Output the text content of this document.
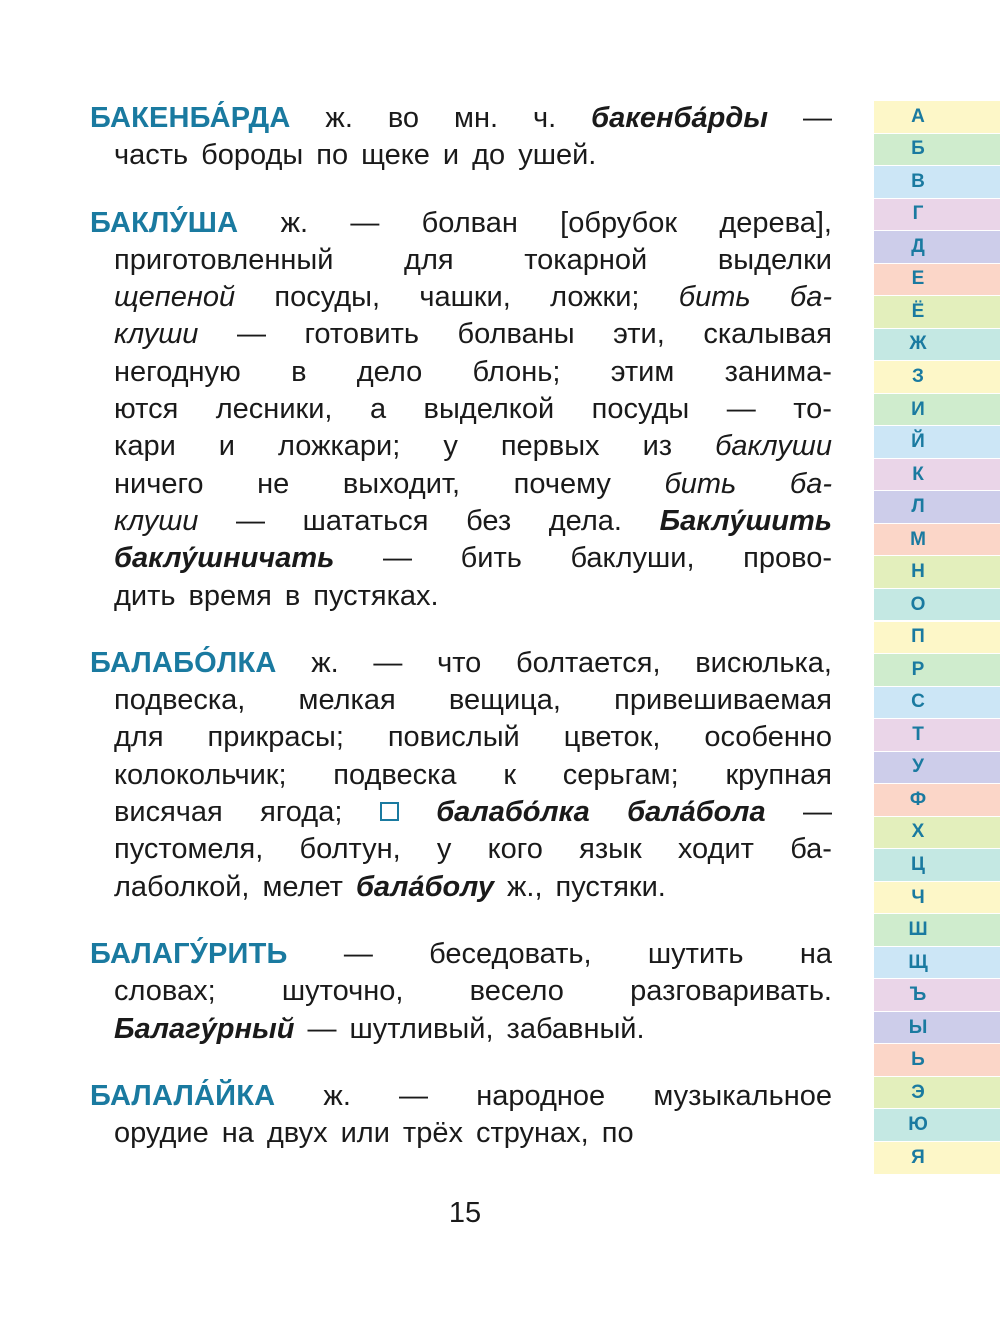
БАКЕНБА́РДА ж. во мн. ч. бакенба́рды —
часть бороды по щеке и до ушей.
БАКЛУ́ША ж. — болван [обрубок дерева],
приготовленный для токарной выделки
щепеной посуды, чашки, ложки; бить ба-
клуши — готовить болваны эти, скалывая
негодную в дело блонь; этим занима-
ются лесники, а выделкой посуды — то-
кари и ложкари; у первых из баклуши
ничего не выходит, почему бить ба-
клуши — шататься без дела. Баклу́шить
баклу́шничать — бить баклуши, прово-
дить время в пустяках.
БАЛАБО́ЛКА ж. — что болтается, висюлька,
подвеска, мелкая вещица, привешиваемая
для прикрасы; повислый цветок, особенно
колокольчик; подвеска к серьгам; крупная
висячая ягода;	балабо́лка бала́бола —
пустомеля, болтун, у кого язык ходит ба-
лаболкой, мелет бала́болу ж., пустяки.
БАЛАГУ́РИТЬ — беседовать, шутить на
словах; шуточно, весело разговаривать.
Балагу́рный — шутливый, забавный.
БАЛАЛА́ЙКА ж. — народное музыкальное
орудие на двух или трёх струнах, по
15
А
Б
В
Г
Д
Е
Ё
Ж
З
И
Й
К
Л
М
Н
О
П
Р
С
Т
У
Ф
Х
Ц
Ч
Ш
Щ
Ъ
Ы
Ь
Э
Ю
Я
